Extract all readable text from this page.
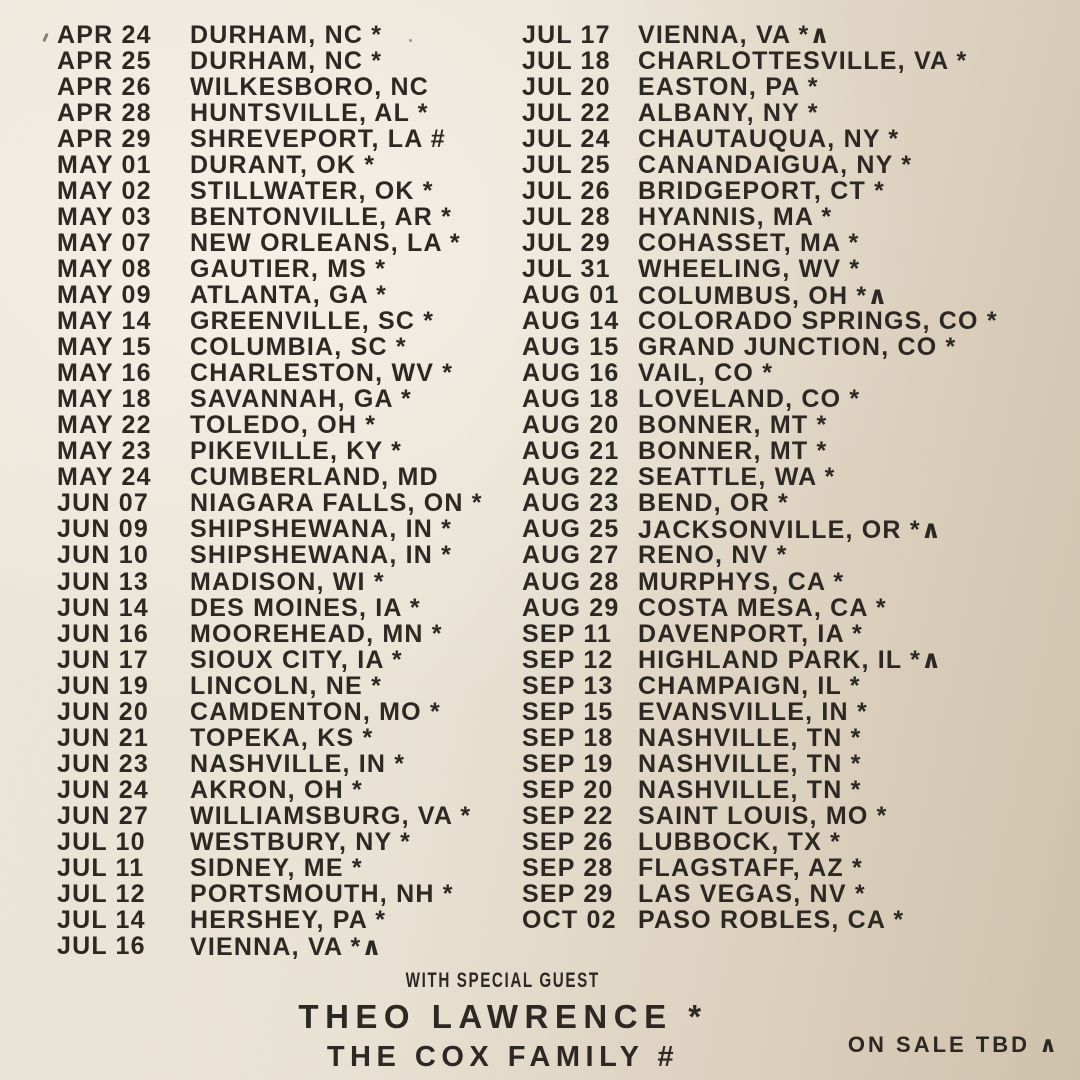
APR 24	DURHAM, NC *
APR 25	DURHAM, NC *
APR 26	WILKESBORO, NC
APR 28	HUNTSVILLE, AL *
APR 29	SHREVEPORT, LA #
MAY 01	DURANT, OK *
MAY 02	STILLWATER, OK *
MAY 03	BENTONVILLE, AR *
MAY 07	NEW ORLEANS, LA *
MAY 08	GAUTIER, MS *
MAY 09	ATLANTA, GA *
MAY 14	GREENVILLE, SC *
MAY 15	COLUMBIA, SC *
MAY 16	CHARLESTON, WV *
MAY 18	SAVANNAH, GA *
MAY 22	TOLEDO, OH *
MAY 23	PIKEVILLE, KY *
MAY 24	CUMBERLAND, MD
JUN 07	NIAGARA FALLS, ON *
JUN 09	SHIPSHEWANA, IN *
JUN 10	SHIPSHEWANA, IN *
JUN 13	MADISON, WI *
JUN 14	DES MOINES, IA *
JUN 16	MOOREHEAD, MN *
JUN 17	SIOUX CITY, IA *
JUN 19	LINCOLN, NE *
JUN 20	CAMDENTON, MO *
JUN 21	TOPEKA, KS *
JUN 23	NASHVILLE, IN *
JUN 24	AKRON, OH *
JUN 27	WILLIAMSBURG, VA *
JUL 10	WESTBURY, NY *
JUL 11	SIDNEY, ME *
JUL 12	PORTSMOUTH, NH *
JUL 14	HERSHEY, PA *
JUL 16	VIENNA, VA *∧
JUL 17	VIENNA, VA *∧
JUL 18	CHARLOTTESVILLE, VA *
JUL 20	EASTON, PA *
JUL 22	ALBANY, NY *
JUL 24	CHAUTAUQUA, NY *
JUL 25	CANANDAIGUA, NY *
JUL 26	BRIDGEPORT, CT *
JUL 28	HYANNIS, MA *
JUL 29	COHASSET, MA *
JUL 31	WHEELING, WV *
AUG 01 COLUMBUS, OH *∧
AUG 14 COLORADO SPRINGS, CO *
AUG 15 GRAND JUNCTION, CO *
AUG 16 VAIL, CO *
AUG 18 LOVELAND, CO *
AUG 20 BONNER, MT *
AUG 21 BONNER, MT *
AUG 22 SEATTLE, WA *
AUG 23 BEND, OR *
AUG 25 JACKSONVILLE, OR *∧
AUG 27 RENO, NV *
AUG 28 MURPHYS, CA *
AUG 29 COSTA MESA, CA *
SEP 11	DAVENPORT, IA *
SEP 12 HIGHLAND PARK, IL *∧
SEP 13 CHAMPAIGN, IL *
SEP 15 EVANSVILLE, IN *
SEP 18 NASHVILLE, TN *
SEP 19 NASHVILLE, TN *
SEP 20 NASHVILLE, TN *
SEP 22 SAINT LOUIS, MO *
SEP 26 LUBBOCK, TX *
SEP 28 FLAGSTAFF, AZ *
SEP 29 LAS VEGAS, NV *
OCT 02 PASO ROBLES, CA *
WITH SPECIAL GUEST
THEO LAWRENCE *
THE COX FAMILY #	ON SALE TBD ∧
